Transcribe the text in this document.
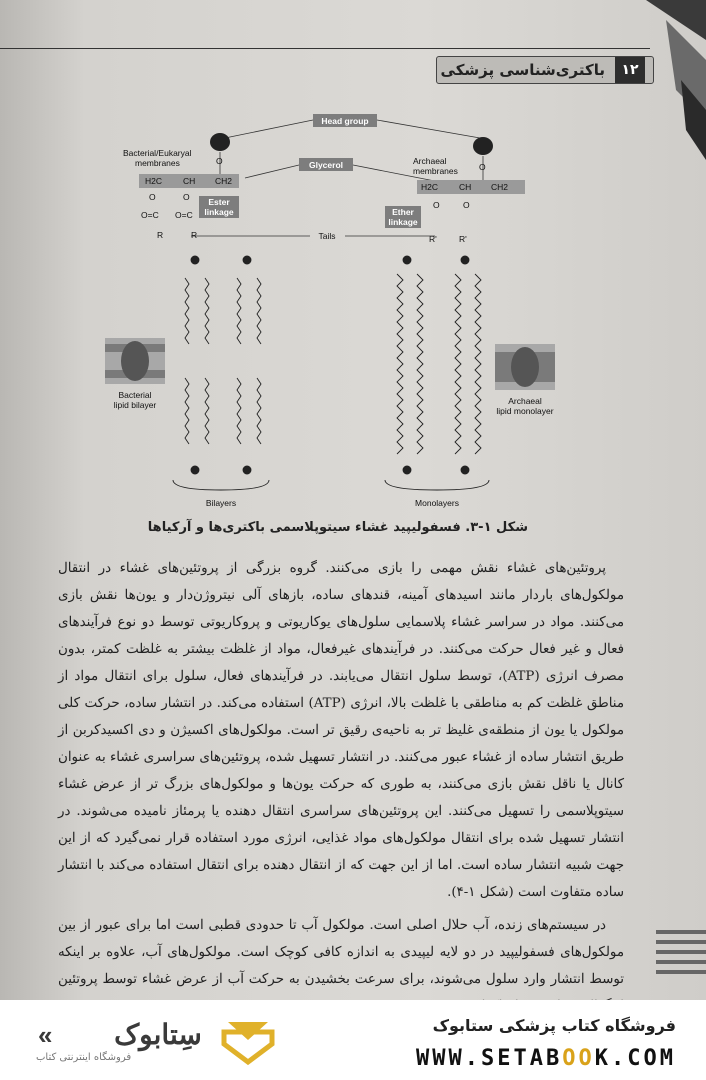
باکتری‌شناسی پزشکی	۱۲
Head group
Bacterial/Eukaryal
membranes	Archaeal
membranes
Glycerol
H2C CH CH2
O
O	O
O=C O=C
R	R
Ester
linkage
H2C CH CH2
O
O	O
R'	R'
Ether
linkage
Tails
Bilayers	Monolayers
Bacterial
lipid bilayer	Archaeal
lipid monolayer
شکل ۱-۳. فسفولیپید غشاء سیتوپلاسمی باکتری‌ها و آرکیاها

پروتئین‌های غشاء نقش مهمی را بازی می‌کنند. گروه بزرگی از پروتئین‌های غشاء در انتقال مولکول‌های باردار مانند اسیدهای آمینه، قندهای ساده، بازهای آلی نیتروژن‌دار و یون‌ها نقش بازی می‌کنند. مواد در سراسر غشاء پلاسمایی سلول‌های یوکاریوتی و پروکاریوتی توسط دو نوع فرآیندهای فعال و غیر فعال حرکت می‌کنند. در فرآیندهای غیرفعال، مواد از غلظت بیشتر به غلظت کمتر، بدون مصرف انرژی (ATP)، توسط سلول انتقال می‌یابند. در فرآیندهای فعال، سلول برای انتقال مواد از مناطق غلظت کم به مناطقی با غلظت بالا، انرژی (ATP) استفاده می‌کند. در انتشار ساده، حرکت کلی مولکول یا یون از منطقه‌ی غلیظ تر به ناحیه‌ی رقیق تر است. مولکول‌های اکسیژن و دی اکسیدکربن از طریق انتشار ساده از غشاء عبور می‌کنند. در انتشار تسهیل شده، پروتئین‌های سراسری غشاء به عنوان کانال یا ناقل نقش بازی می‌کنند، به طوری که حرکت یون‌ها و مولکول‌های بزرگ تر از عرض غشاء سیتوپلاسمی را تسهیل می‌کنند. این پروتئین‌های سراسری انتقال دهنده یا پرمئاز نامیده می‌شوند. در انتشار تسهیل شده برای انتقال مولکول‌های مواد غذایی، انرژی مورد استفاده قرار نمی‌گیرد که از این جهت شبیه انتشار ساده است. اما از این جهت که از انتقال دهنده برای انتقال استفاده می‌کند با انتشار ساده متفاوت است (شکل ۱-۴).

در سیستم‌های زنده، آب حلال اصلی است. مولکول آب تا حدودی قطبی است اما برای عبور از بین مولکول‌های فسفولیپید در دو لایه لیپیدی به اندازه کافی کوچک است. مولکول‌های آب، علاوه بر اینکه توسط انتشار وارد سلول می‌شوند، برای سرعت بخشیدن به حرکت آب از عرض غشاء توسط پروتئین

سِتابوک
«
فروشگاه اینترنتی کتاب
فروشگاه کتاب پزشکی ستابوک
WWW.SETABOOK.COM
